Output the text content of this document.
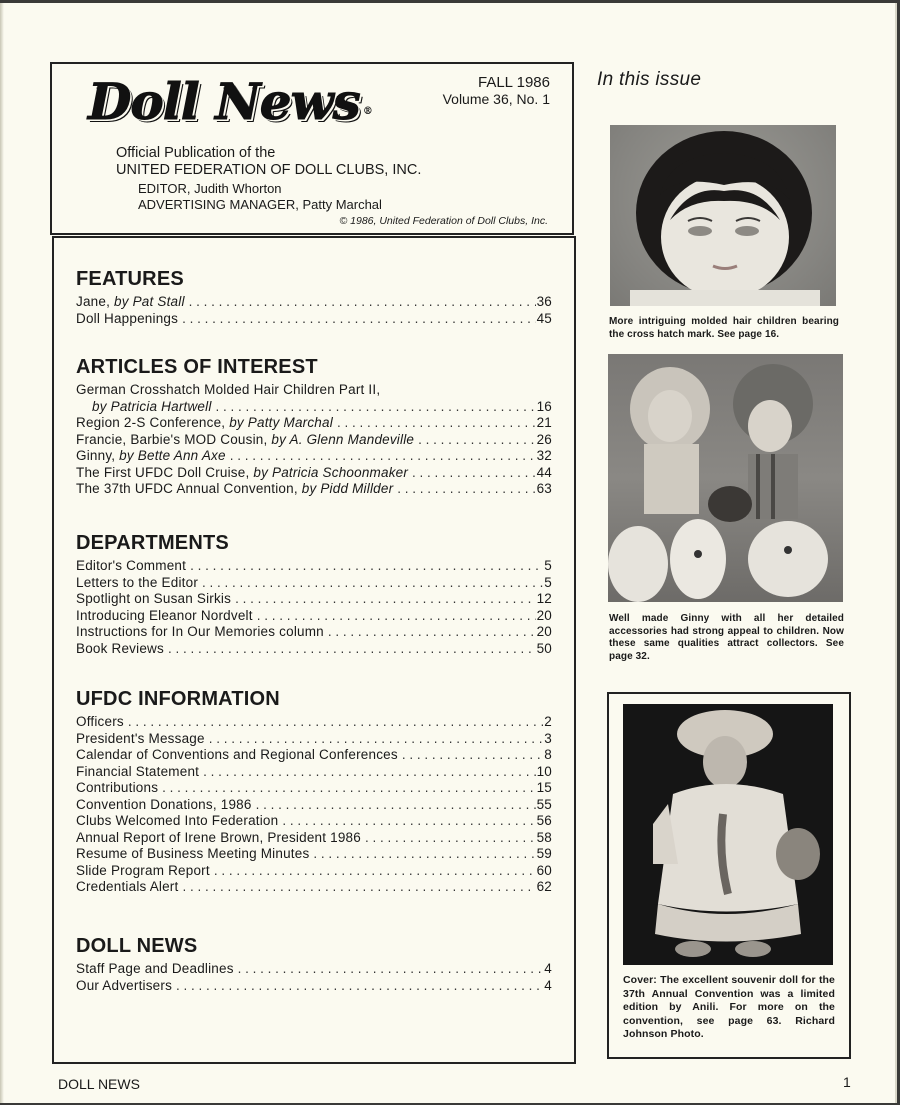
Doll News ®
FALL 1986
Volume 36, No. 1
Official Publication of the
UNITED FEDERATION OF DOLL CLUBS, INC.
EDITOR, Judith Whorton
ADVERTISING MANAGER, Patty Marchal
© 1986, United Federation of Doll Clubs, Inc.
FEATURES
Jane, by Pat Stall . . .	36
Doll Happenings . . .	45
ARTICLES OF INTEREST
German Crosshatch Molded Hair Children Part II,
by Patricia Hartwell . . .	16
Region 2-S Conference, by Patty Marchal . . .	21
Francie, Barbie's MOD Cousin, by A. Glenn Mandeville . . .	26
Ginny, by Bette Ann Axe . . .	32
The First UFDC Doll Cruise, by Patricia Schoonmaker . . .	44
The 37th UFDC Annual Convention, by Pidd Millder . . .	63
DEPARTMENTS
Editor's Comment . . .	5
Letters to the Editor . . .	5
Spotlight on Susan Sirkis . . .	12
Introducing Eleanor Nordvelt . . .	20
Instructions for In Our Memories column . . .	20
Book Reviews . . .	50
UFDC INFORMATION
Officers . . .	2
President's Message . . .	3
Calendar of Conventions and Regional Conferences . . .	8
Financial Statement . . .	10
Contributions . . .	15
Convention Donations, 1986 . . .	55
Clubs Welcomed Into Federation . . .	56
Annual Report of Irene Brown, President 1986 . . .	58
Resume of Business Meeting Minutes . . .	59
Slide Program Report . . .	60
Credentials Alert . . .	62
DOLL NEWS
Staff Page and Deadlines . . .	4
Our Advertisers . . .	4
In this issue
More intriguing molded hair children bearing the cross hatch mark. See page 16.
Well made Ginny with all her detailed accessories had strong appeal to children. Now these same qualities attract collectors. See page 32.
Cover: The excellent souvenir doll for the 37th Annual Convention was a limited edition by Anili. For more on the convention, see page 63. Richard Johnson Photo.
DOLL NEWS	1
